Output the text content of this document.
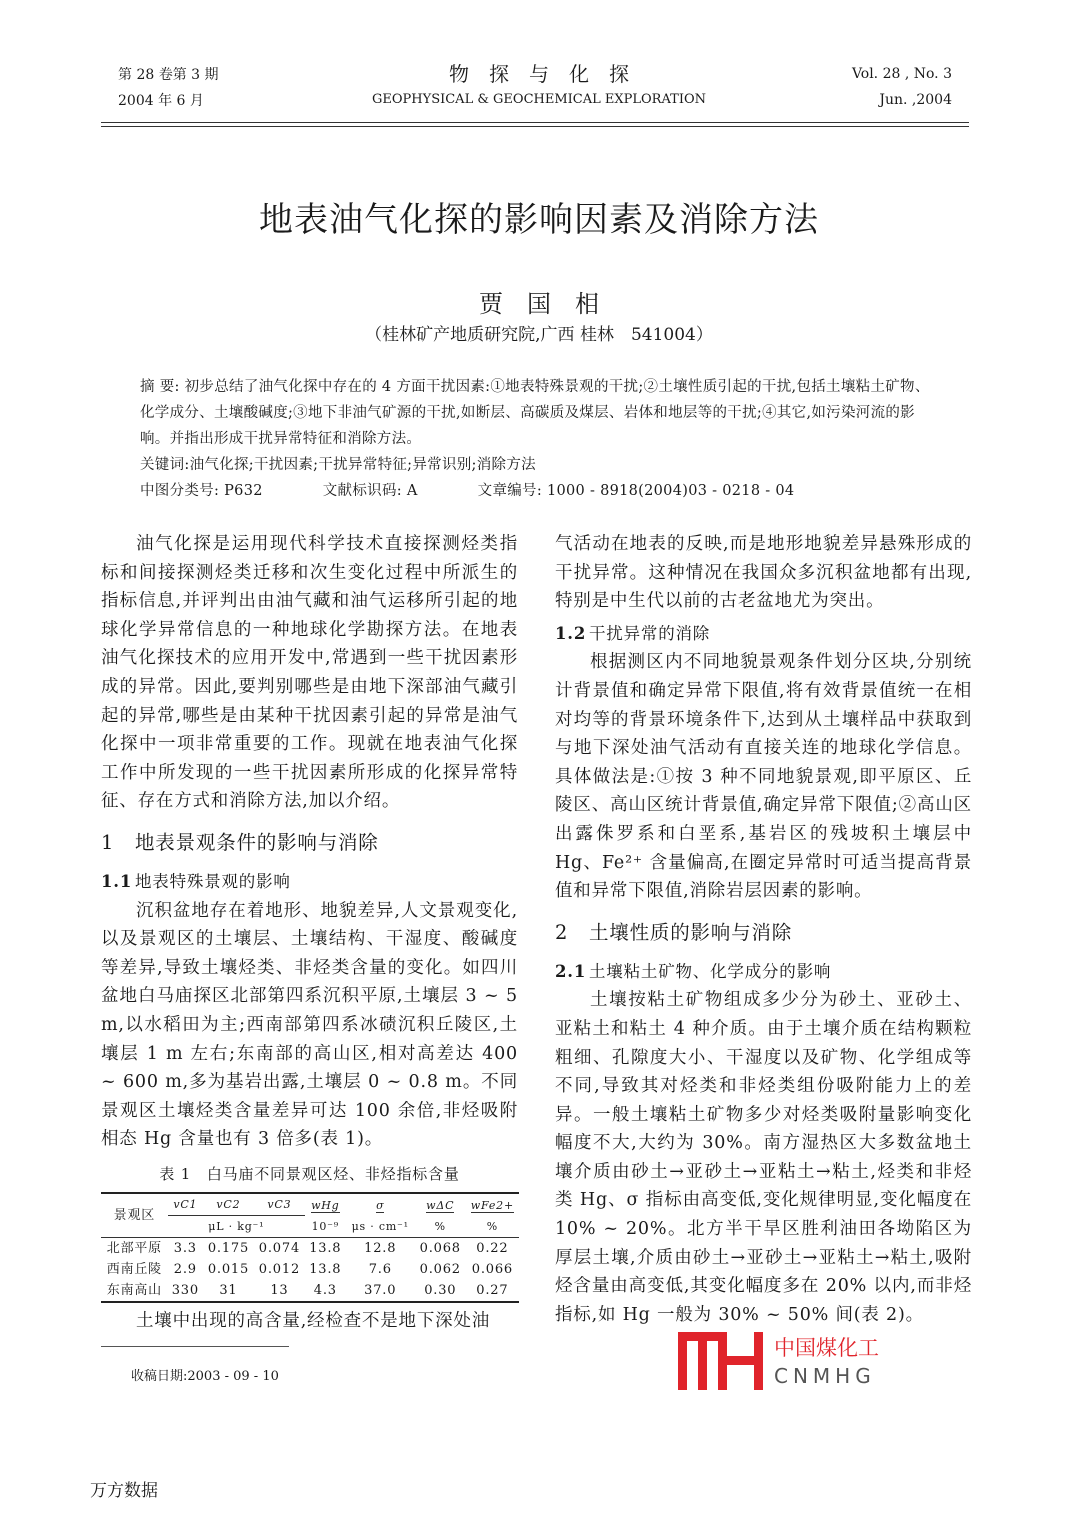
第 28 卷第 3 期
2004 年 6 月
物　探　与　化　探
GEOPHYSICAL & GEOCHEMICAL EXPLORATION
Vol. 28 , No. 3
Jun. ,2004
地表油气化探的影响因素及消除方法
贾　国　相
（桂林矿产地质研究院,广西 桂林　541004）
摘 要: 初步总结了油气化探中存在的 4 方面干扰因素:①地表特殊景观的干扰;②土壤性质引起的干扰,包括土壤粘土矿物、化学成分、土壤酸碱度;③地下非油气矿源的干扰,如断层、高碳质及煤层、岩体和地层等的干扰;④其它,如污染河流的影响。并指出形成干扰异常特征和消除方法。
关键词:油气化探;干扰因素;干扰异常特征;异常识别;消除方法
中图分类号: P632	文献标识码: A	文章编号: 1000 - 8918(2004)03 - 0218 - 04

油气化探是运用现代科学技术直接探测烃类指标和间接探测烃类迁移和次生变化过程中所派生的指标信息,并评判出由油气藏和油气运移所引起的地球化学异常信息的一种地球化学勘探方法。在地表油气化探技术的应用开发中,常遇到一些干扰因素形成的异常。因此,要判别哪些是由地下深部油气藏引起的异常,哪些是由某种干扰因素引起的异常是油气化探中一项非常重要的工作。现就在地表油气化探工作中所发现的一些干扰因素所形成的化探异常特征、存在方式和消除方法,加以介绍。

1 地表景观条件的影响与消除
1.1 地表特殊景观的影响

沉积盆地存在着地形、地貌差异,人文景观变化,以及景观区的土壤层、土壤结构、干湿度、酸碱度等差异,导致土壤烃类、非烃类含量的变化。如四川盆地白马庙探区北部第四系沉积平原,土壤层 3 ~ 5 m,以水稻田为主;西南部第四系冰碛沉积丘陵区,土壤层 1 m 左右;东南部的高山区,相对高差达 400 ~ 600 m,多为基岩出露,土壤层 0 ~ 0.8 m。不同景观区土壤烃类含量差异可达 100 余倍,非烃吸附相态 Hg 含量也有 3 倍多(表 1)。

表 1　白马庙不同景观区烃、非烃指标含量
景观区	vC1	vC2	vC3	wHg	σ	wΔC	wFe2+

	μL · kg⁻¹			10⁻⁹	μs · cm⁻¹	%	%
北部平原	3.3	0.175	0.074	13.8	12.8	0.068	0.22
西南丘陵	2.9	0.015	0.012	13.8	7.6	0.062	0.066
东南高山	330	31	13	4.3	37.0	0.30	0.27

土壤中出现的高含量,经检查不是地下深处油

收稿日期:2003 - 09 - 10

气活动在地表的反映,而是地形地貌差异悬殊形成的干扰异常。这种情况在我国众多沉积盆地都有出现,特别是中生代以前的古老盆地尤为突出。

1.2 干扰异常的消除

根据测区内不同地貌景观条件划分区块,分别统计背景值和确定异常下限值,将有效背景值统一在相对均等的背景环境条件下,达到从土壤样品中获取到与地下深处油气活动有直接关连的地球化学信息。具体做法是:①按 3 种不同地貌景观,即平原区、丘陵区、高山区统计背景值,确定异常下限值;②高山区出露侏罗系和白垩系,基岩区的残坡积土壤层中 Hg、Fe²⁺ 含量偏高,在圈定异常时可适当提高背景值和异常下限值,消除岩层因素的影响。

2 土壤性质的影响与消除
2.1 土壤粘土矿物、化学成分的影响

土壤按粘土矿物组成多少分为砂土、亚砂土、亚粘土和粘土 4 种介质。由于土壤介质在结构颗粒粗细、孔隙度大小、干湿度以及矿物、化学组成等不同,导致其对烃类和非烃类组份吸附能力上的差异。一般土壤粘土矿物多少对烃类吸附量影响变化幅度不大,大约为 30%。南方湿热区大多数盆地土壤介质由砂土→亚砂土→亚粘土→粘土,烃类和非烃类 Hg、σ 指标由高变低,变化规律明显,变化幅度在 10% ~ 20%。北方半干旱区胜利油田各坳陷区为厚层土壤,介质由砂土→亚砂土→亚粘土→粘土,吸附烃含量由高变低,其变化幅度多在 20% 以内,而非烃指标,如 Hg 一般为 30% ~ 50% 间(表 2)。

中国煤化工
CNMHG
万方数据
